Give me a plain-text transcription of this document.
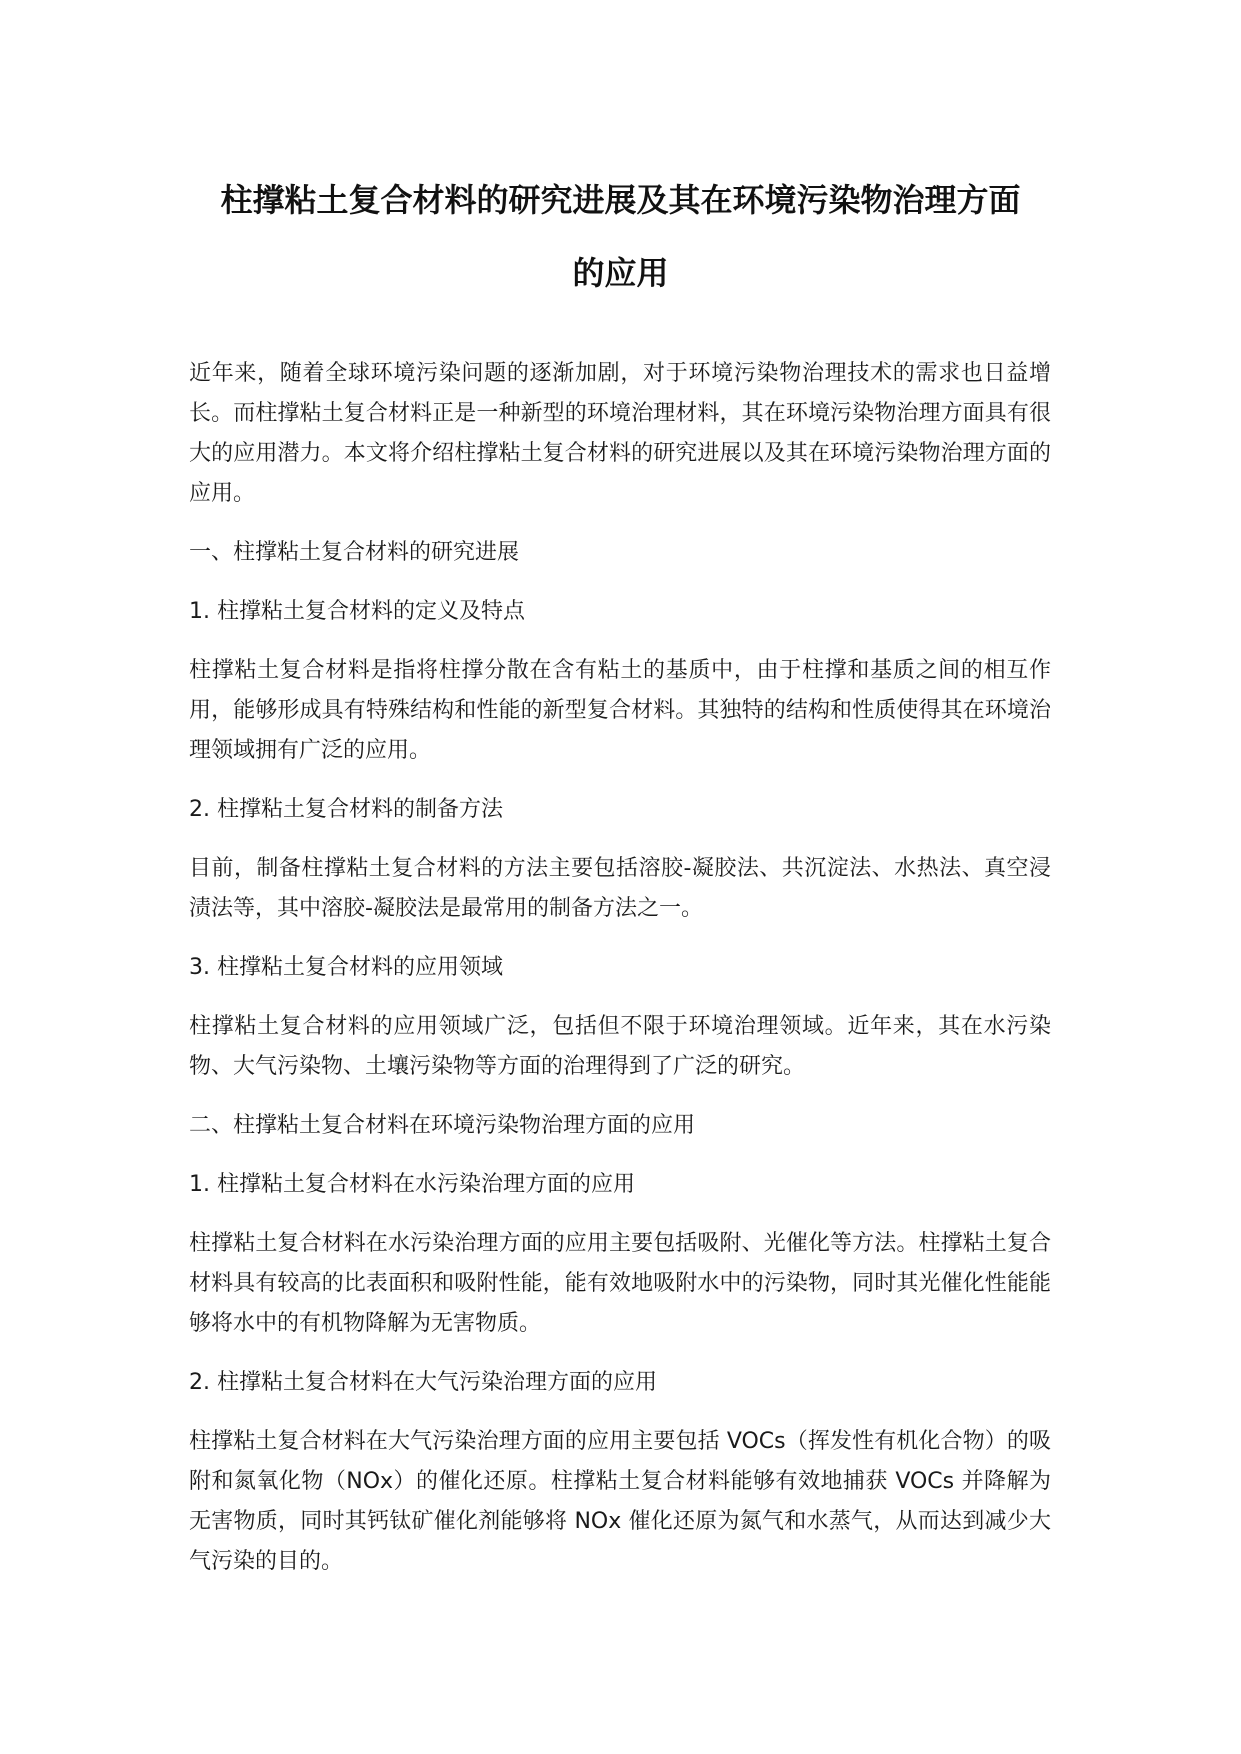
柱撑粘土复合材料的研究进展及其在环境污染物治理方面
的应用

近年来，随着全球环境污染问题的逐渐加剧，对于环境污染物治理技术的需求也日益增长。而柱撑粘土复合材料正是一种新型的环境治理材料，其在环境污染物治理方面具有很大的应用潜力。本文将介绍柱撑粘土复合材料的研究进展以及其在环境污染物治理方面的应用。

一、柱撑粘土复合材料的研究进展

1. 柱撑粘土复合材料的定义及特点

柱撑粘土复合材料是指将柱撑分散在含有粘土的基质中，由于柱撑和基质之间的相互作用，能够形成具有特殊结构和性能的新型复合材料。其独特的结构和性质使得其在环境治理领域拥有广泛的应用。

2. 柱撑粘土复合材料的制备方法

目前，制备柱撑粘土复合材料的方法主要包括溶胶-凝胶法、共沉淀法、水热法、真空浸渍法等，其中溶胶-凝胶法是最常用的制备方法之一。

3. 柱撑粘土复合材料的应用领域

柱撑粘土复合材料的应用领域广泛，包括但不限于环境治理领域。近年来，其在水污染物、大气污染物、土壤污染物等方面的治理得到了广泛的研究。

二、柱撑粘土复合材料在环境污染物治理方面的应用

1. 柱撑粘土复合材料在水污染治理方面的应用

柱撑粘土复合材料在水污染治理方面的应用主要包括吸附、光催化等方法。柱撑粘土复合材料具有较高的比表面积和吸附性能，能有效地吸附水中的污染物，同时其光催化性能能够将水中的有机物降解为无害物质。

2. 柱撑粘土复合材料在大气污染治理方面的应用

柱撑粘土复合材料在大气污染治理方面的应用主要包括 VOCs（挥发性有机化合物）的吸附和氮氧化物（NOx）的催化还原。柱撑粘土复合材料能够有效地捕获 VOCs 并降解为无害物质，同时其钙钛矿催化剂能够将 NOx 催化还原为氮气和水蒸气，从而达到减少大气污染的目的。
